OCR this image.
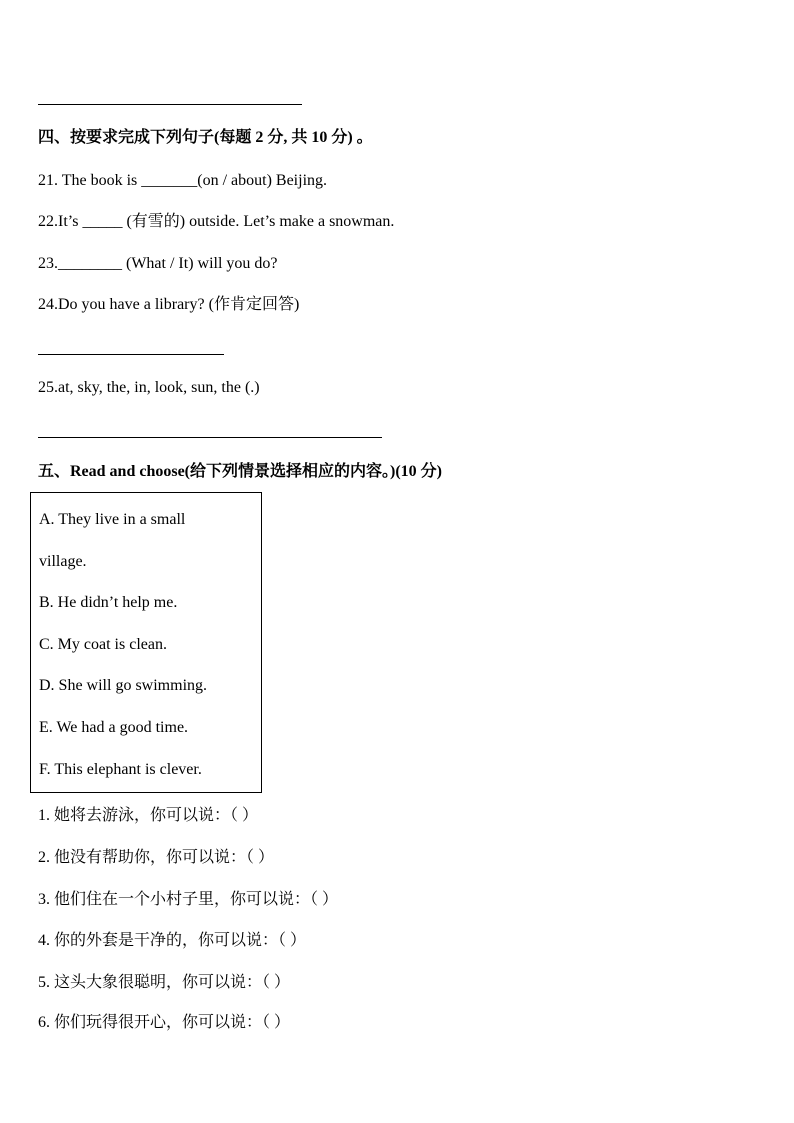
四、按要求完成下列句子(每题 2 分, 共 10 分) 。
21. The book is _______(on / about) Beijing.
22.It’s _____ (有雪的) outside. Let’s make a snowman.
23.________ (What / It) will you do?
24.Do you have a library? (作肯定回答)
25.at, sky, the, in, look, sun, the (.)
五、Read and choose(给下列情景选择相应的内容。)(10 分)
A. They live in a small
village.
B. He didn’t help me.
C. My coat is clean.
D. She will go swimming.
E. We had a good time.
F. This elephant is clever.
1. 她将去游泳，你可以说：（ ）
2. 他没有帮助你，你可以说：（ ）
3. 他们住在一个小村子里，你可以说：（ ）
4. 你的外套是干净的，你可以说：（ ）
5. 这头大象很聪明，你可以说：（ ）
6. 你们玩得很开心，你可以说：（ ）
